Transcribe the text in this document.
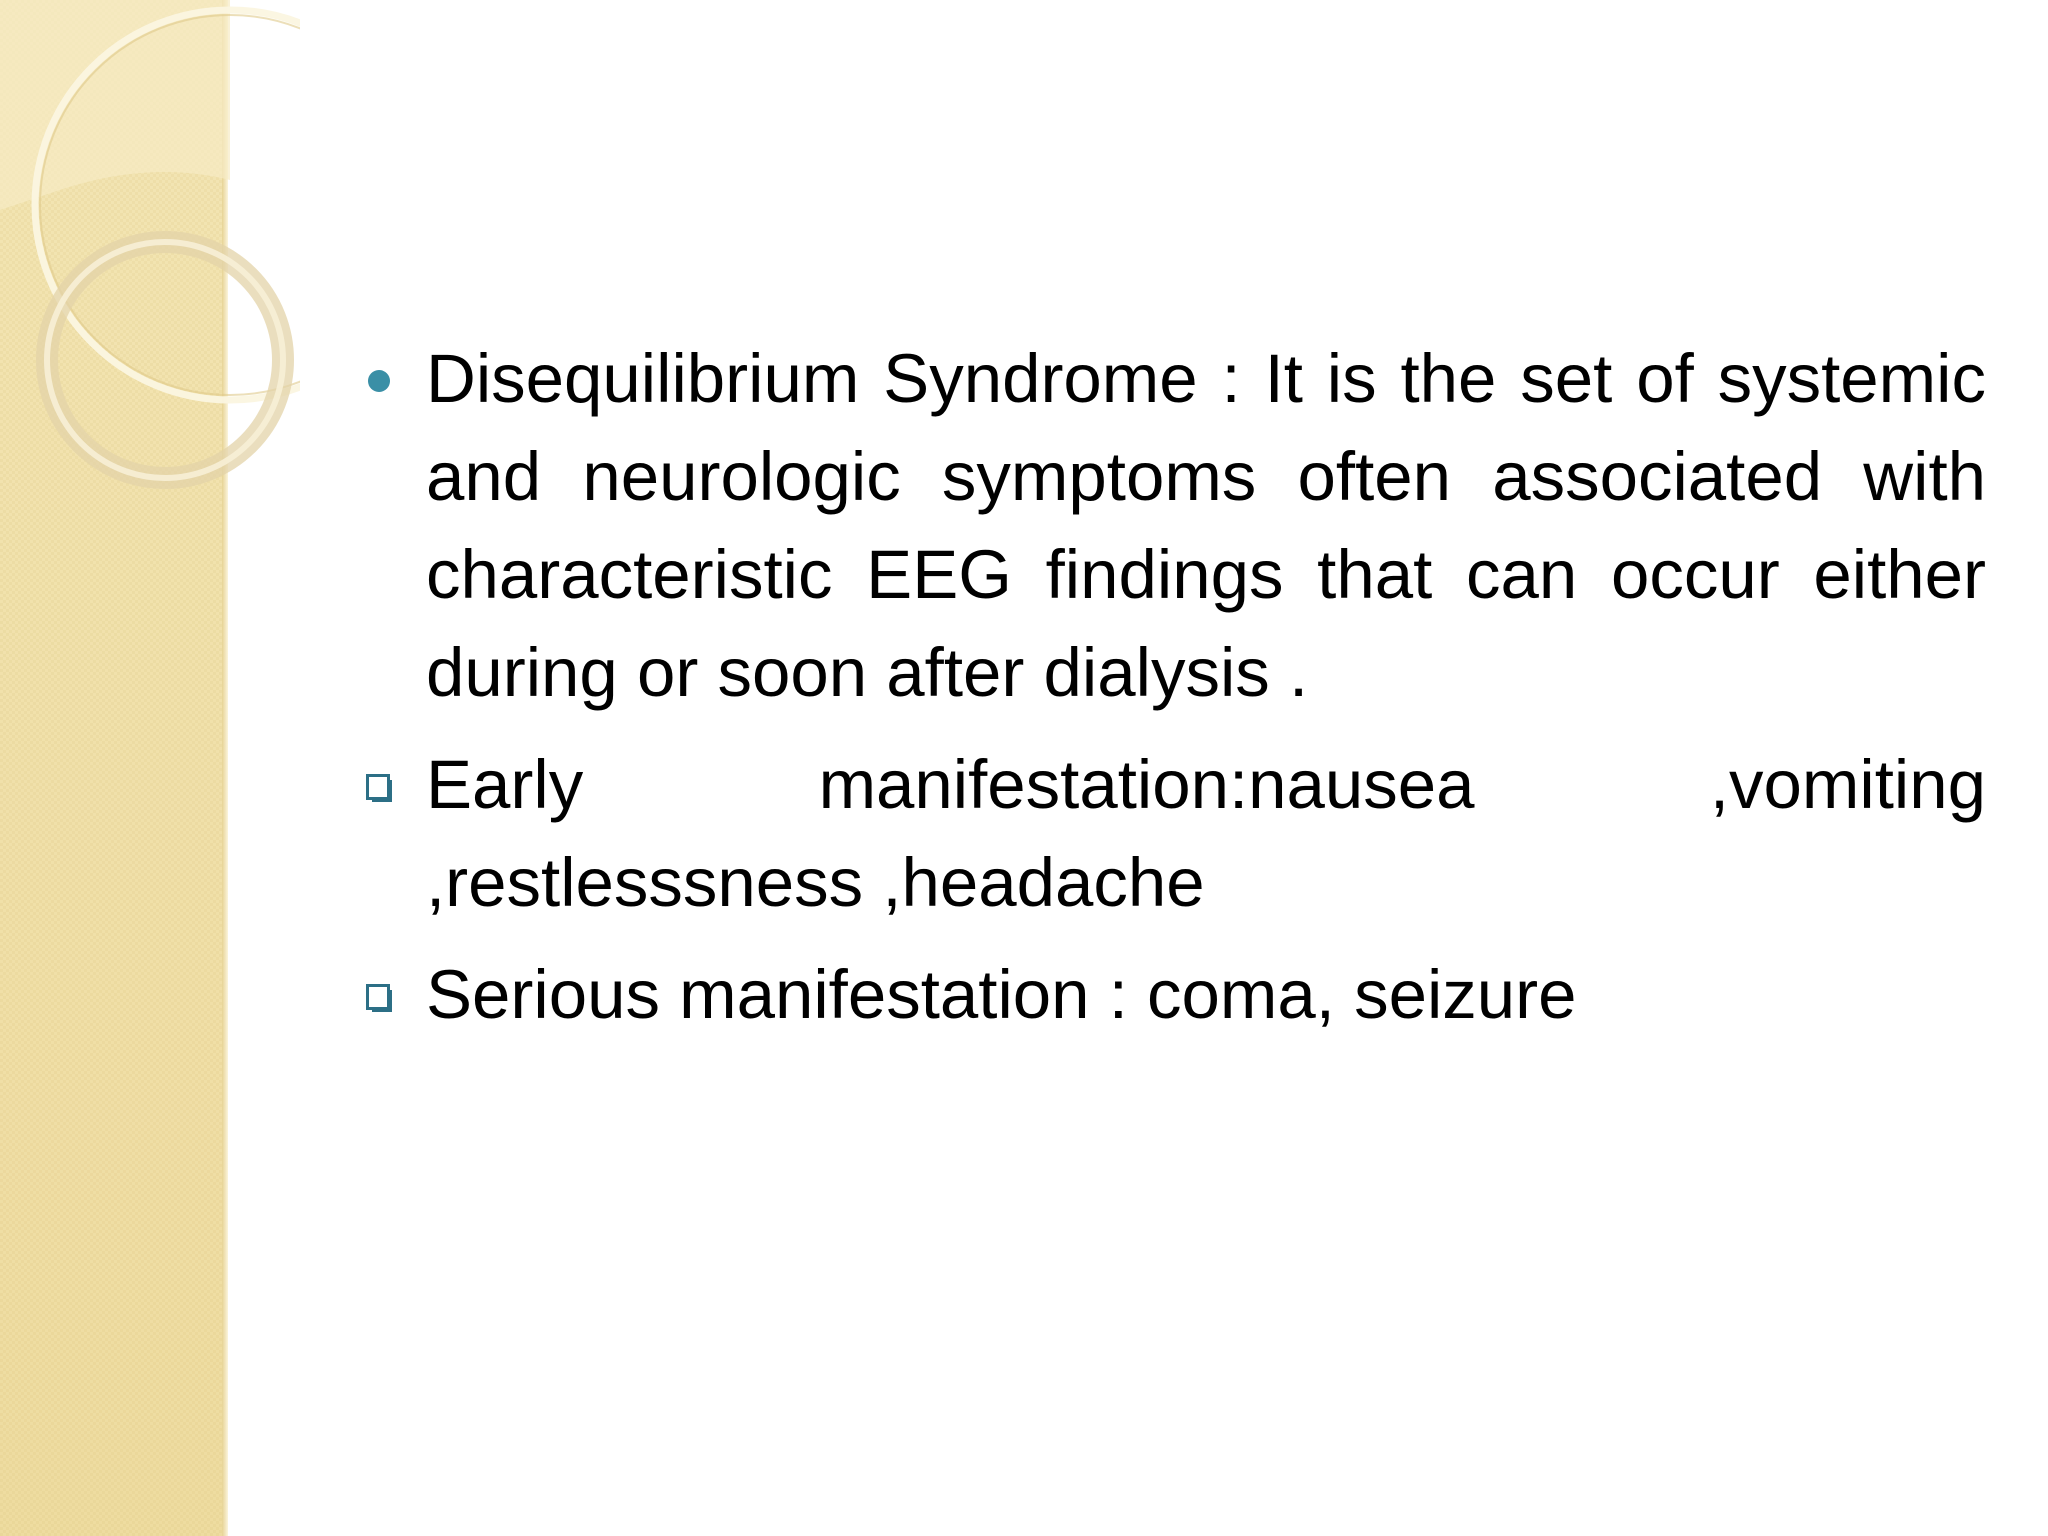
Disequilibrium Syndrome : It is the set of systemic and neurologic symptoms often associated with characteristic EEG findings that can occur either during or soon after dialysis .
Early manifestation:nausea ,vomiting ,restlesssness ,headache
Serious manifestation : coma, seizure
